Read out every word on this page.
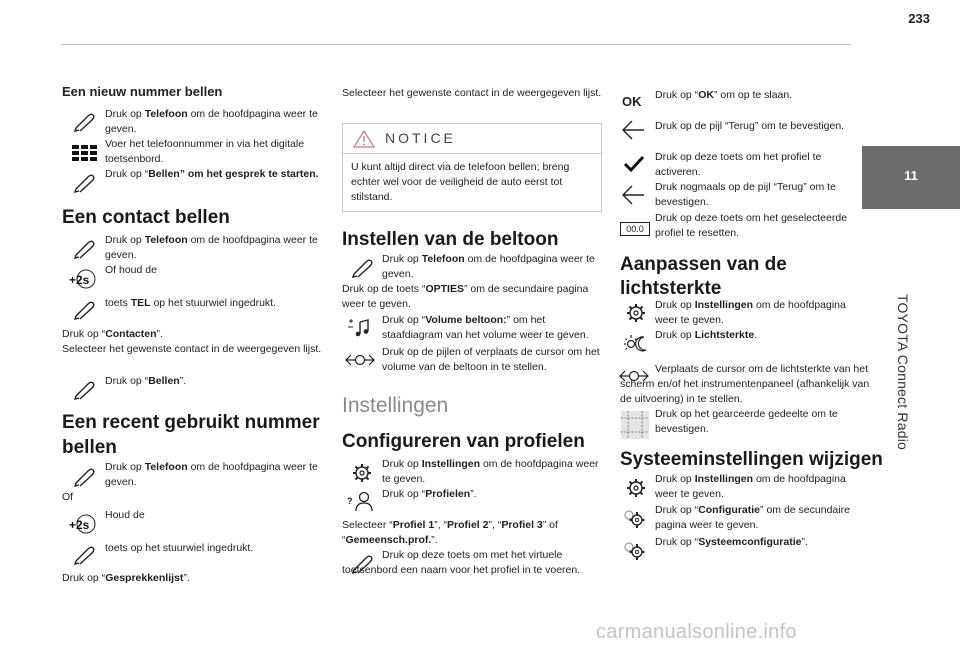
233
11
TOYOTA Connect Radio
Een nieuw nummer bellen
Druk op Telefoon om de hoofdpagina weer te geven.
Voer het telefoonnummer in via het digitale toetsenbord.
Druk op “Bellen” om het gesprek te starten.
Een contact bellen
Druk op Telefoon om de hoofdpagina weer te geven.
+2s
Of houd de
toets TEL op het stuurwiel ingedrukt.
Druk op “Contacten”.
Selecteer het gewenste contact in de weergegeven lijst.
Druk op “Bellen”.
Een recent gebruikt nummer
bellen
Druk op Telefoon om de hoofdpagina weer te geven.
Of
+2s
Houd de
toets op het stuurwiel ingedrukt.
Druk op “Gesprekkenlijst”.
Selecteer het gewenste contact in de weergegeven lijst.
NOTICE
U kunt altijd direct via de telefoon bellen; breng echter wel voor de veiligheid de auto eerst tot stilstand.
Instellen van de beltoon
Druk op Telefoon om de hoofdpagina weer te geven.
Druk op de toets “OPTIES” om de secundaire pagina weer te geven.
Druk op “Volume beltoon:” om het staafdiagram van het volume weer te geven.
Druk op de pijlen of verplaats de cursor om het volume van de beltoon in te stellen.
Instellingen
Configureren van profielen
Druk op Instellingen om de hoofdpagina weer te geven.
?
Druk op “Profielen”.
Selecteer “Profiel 1”, “Profiel 2”, “Profiel 3” of “Gemeensch.prof.”.
Druk op deze toets om met het virtuele toetsenbord een naam voor het profiel in te voeren.
OK Druk op “OK” om op te slaan.
Druk op de pijl “Terug” om te bevestigen.
Druk op deze toets om het profiel te activeren.
Druk nogmaals op de pijl “Terug” om te bevestigen.
00.0
Druk op deze toets om het geselecteerde profiel te resetten.
Aanpassen van de
lichtsterkte
Druk op Instellingen om de hoofdpagina weer te geven.
Druk op Lichtsterkte.
Verplaats de cursor om de lichtsterkte van het scherm en/of het instrumentenpaneel (afhankelijk van de uitvoering) in te stellen.
Druk op het gearceerde gedeelte om te bevestigen.
Systeeminstellingen wijzigen
Druk op Instellingen om de hoofdpagina weer te geven.
Druk op “Configuratie” om de secundaire pagina weer te geven.
Druk op “Systeemconfiguratie”.
carmanualsonline.info
